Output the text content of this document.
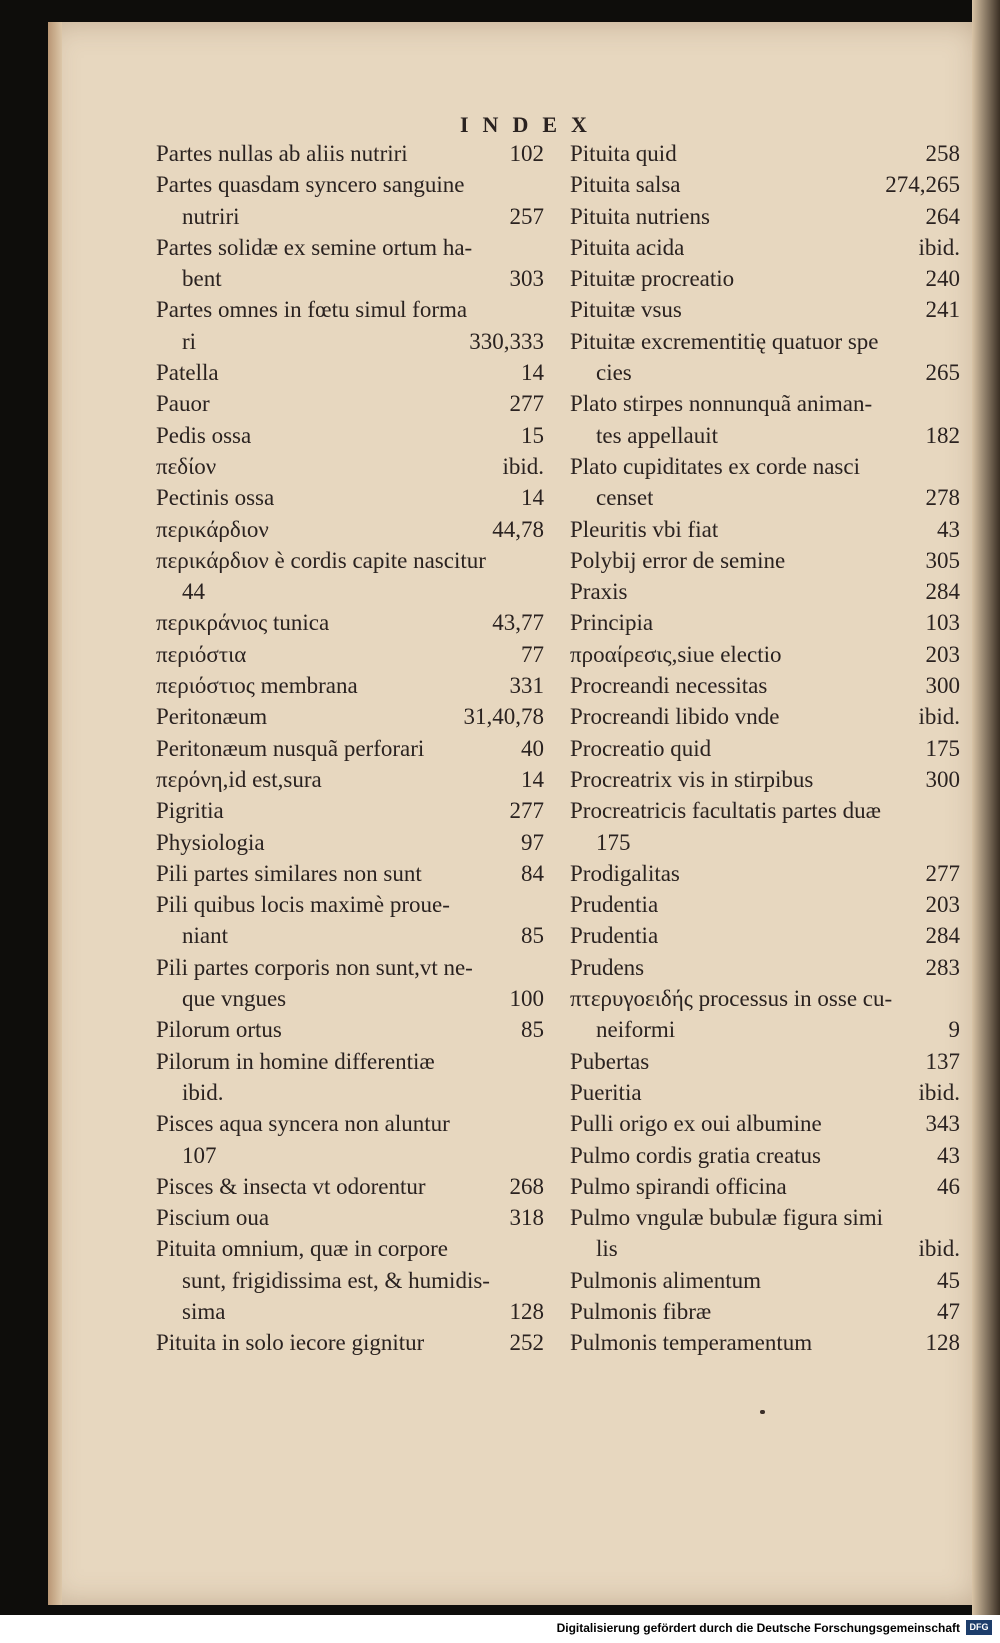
INDEX
Partes nullas ab aliis nutriri	102
Partes quasdam syncero sanguine
nutriri	257
Partes solidæ ex semine ortum ha-
bent	303
Partes omnes in fœtu simul forma
ri	330,333
Patella	14
Pauor	277
Pedis ossa	15
πεδίον	ibid.
Pectinis ossa	14
περικάρδιον	44,78
περικάρδιον è cordis capite nascitur
44
περικράνιος tunica	43,77
περιόστια	77
περιόστιος membrana	331
Peritonæum	31,40,78
Peritonæum nusquã perforari	40
περόνη,id est,sura	14
Pigritia	277
Physiologia	97
Pili partes similares non sunt	84
Pili quibus locis maximè proue-
niant	85
Pili partes corporis non sunt,vt ne-
que vngues	100
Pilorum ortus	85
Pilorum in homine differentiæ
ibid.
Pisces aqua syncera non aluntur
107
Pisces & insecta vt odorentur	268
Piscium oua	318
Pituita omnium, quæ in corpore
sunt, frigidissima est, & humidis-
sima	128
Pituita in solo iecore gignitur	252
Pituita quid	258
Pituita salsa	274,265
Pituita nutriens	264
Pituita acida	ibid.
Pituitæ procreatio	240
Pituitæ vsus	241
Pituitæ excrementitię quatuor spe
cies	265
Plato stirpes nonnunquã animan-
tes appellauit	182
Plato cupiditates ex corde nasci
censet	278
Pleuritis vbi fiat	43
Polybij error de semine	305
Praxis	284
Principia	103
προαίρεσις,siue electio	203
Procreandi necessitas	300
Procreandi libido vnde	ibid.
Procreatio quid	175
Procreatrix vis in stirpibus	300
Procreatricis facultatis partes duæ
175
Prodigalitas	277
Prudentia	203
Prudentia	284
Prudens	283
πτερυγοειδής processus in osse cu-
neiformi	9
Pubertas	137
Pueritia	ibid.
Pulli origo ex oui albumine	343
Pulmo cordis gratia creatus	43
Pulmo spirandi officina	46
Pulmo vngulæ bubulæ figura simi
lis	ibid.
Pulmonis alimentum	45
Pulmonis fibræ	47
Pulmonis temperamentum	128
Digitalisierung gefördert durch die Deutsche Forschungsgemeinschaft	DFG
